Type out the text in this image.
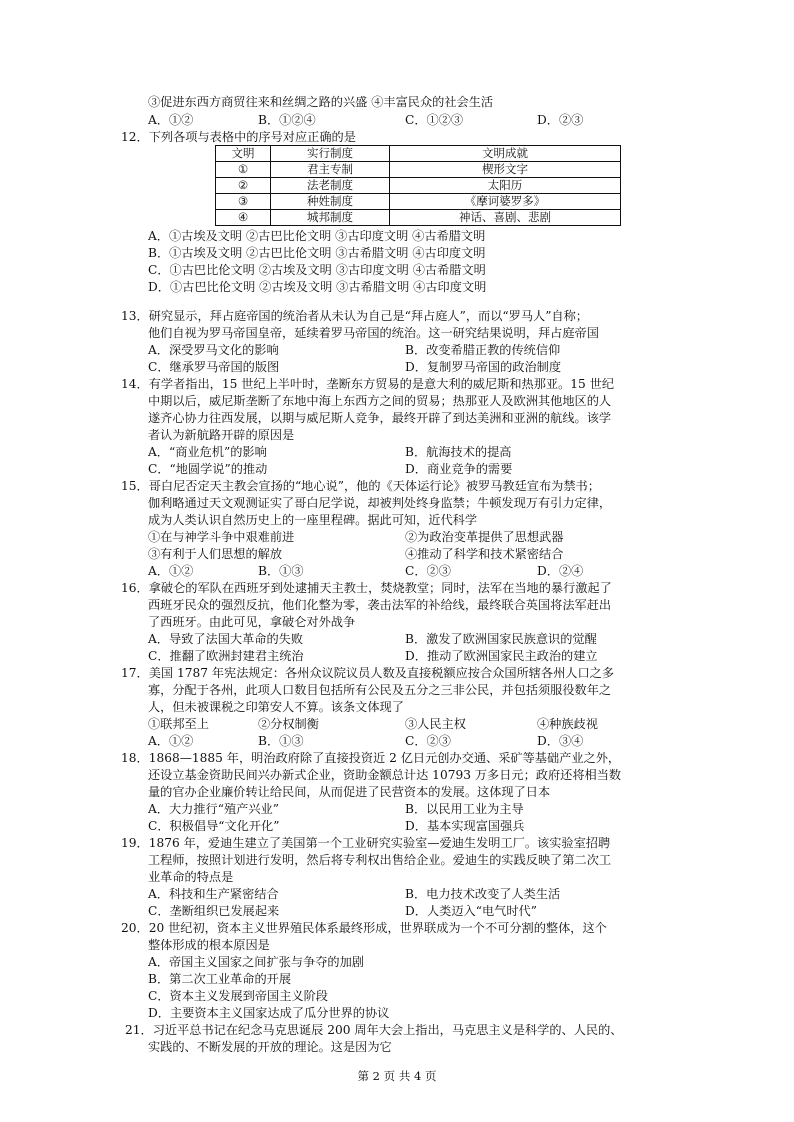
③促进东西方商贸往来和丝绸之路的兴盛 ④丰富民众的社会生活
A．①②	B．①②④	C．①②③	D．②③
12．下列各项与表格中的序号对应正确的是
文明	实行制度	文明成就
①	君主专制	楔形文字
②	法老制度	太阳历
③	种姓制度	《摩诃婆罗多》
④	城邦制度	神话、喜剧、悲剧
A．①古埃及文明 ②古巴比伦文明 ③古印度文明 ④古希腊文明
B．①古埃及文明 ②古巴比伦文明 ③古希腊文明 ④古印度文明
C．①古巴比伦文明 ②古埃及文明 ③古印度文明 ④古希腊文明
D．①古巴比伦文明 ②古埃及文明 ③古希腊文明 ④古印度文明
13．研究显示，拜占庭帝国的统治者从未认为自己是“拜占庭人”，而以“罗马人”自称；
他们自视为罗马帝国皇帝，延续着罗马帝国的统治。这一研究结果说明，拜占庭帝国
A．深受罗马文化的影响	B．改变希腊正教的传统信仰
C．继承罗马帝国的版图	D．复制罗马帝国的政治制度
14．有学者指出，15 世纪上半叶时，垄断东方贸易的是意大利的威尼斯和热那亚。15 世纪
中期以后，威尼斯垄断了东地中海上东西方之间的贸易；热那亚人及欧洲其他地区的人
遂齐心协力往西发展，以期与威尼斯人竞争，最终开辟了到达美洲和亚洲的航线。该学
者认为新航路开辟的原因是
A．“商业危机”的影响	B．航海技术的提高
C．“地圆学说”的推动	D．商业竞争的需要
15．哥白尼否定天主教会宣扬的“地心说”，他的《天体运行论》被罗马教廷宣布为禁书；
伽利略通过天文观测证实了哥白尼学说，却被判处终身监禁；牛顿发现万有引力定律，
成为人类认识自然历史上的一座里程碑。据此可知，近代科学
①在与神学斗争中艰难前进	②为政治变革提供了思想武器
③有利于人们思想的解放	④推动了科学和技术紧密结合
A．①②	B．①③	C．②③	D．②④
16．拿破仑的军队在西班牙到处逮捕天主教士，焚烧教堂；同时，法军在当地的暴行激起了
西班牙民众的强烈反抗，他们化整为零，袭击法军的补给线，最终联合英国将法军赶出
了西班牙。由此可见，拿破仑对外战争
A．导致了法国大革命的失败	B．激发了欧洲国家民族意识的觉醒
C．推翻了欧洲封建君主统治	D．推动了欧洲国家民主政治的建立
17．美国 1787 年宪法规定：各州众议院议员人数及直接税额应按合众国所辖各州人口之多
寡，分配于各州，此项人口数目包括所有公民及五分之三非公民，并包括须服役数年之
人，但未被课税之印第安人不算。该条文体现了
①联邦至上	②分权制衡	③人民主权	④种族歧视
A．①②	B．①③	C．②③	D．③④
18．1868—1885 年，明治政府除了直接投资近 2 亿日元创办交通、采矿等基础产业之外，
还设立基金资助民间兴办新式企业，资助金额总计达 10793 万多日元；政府还将相当数
量的官办企业廉价转让给民间，从而促进了民营资本的发展。这体现了日本
A．大力推行“殖产兴业”	B．以民用工业为主导
C．积极倡导“文化开化”	D．基本实现富国强兵
19．1876 年，爱迪生建立了美国第一个工业研究实验室—爱迪生发明工厂。该实验室招聘
工程师，按照计划进行发明，然后将专利权出售给企业。爱迪生的实践反映了第二次工
业革命的特点是
A．科技和生产紧密结合	B．电力技术改变了人类生活
C．垄断组织已发展起来	D．人类迈入“电气时代”
20．20 世纪初，资本主义世界殖民体系最终形成，世界联成为一个不可分割的整体，这个
整体形成的根本原因是
A．帝国主义国家之间扩张与争夺的加剧
B．第二次工业革命的开展
C．资本主义发展到帝国主义阶段
D．主要资本主义国家达成了瓜分世界的协议
21．习近平总书记在纪念马克思诞辰 200 周年大会上指出，马克思主义是科学的、人民的、
第 2 页 共 4 页
实践的、不断发展的开放的理论。这是因为它
